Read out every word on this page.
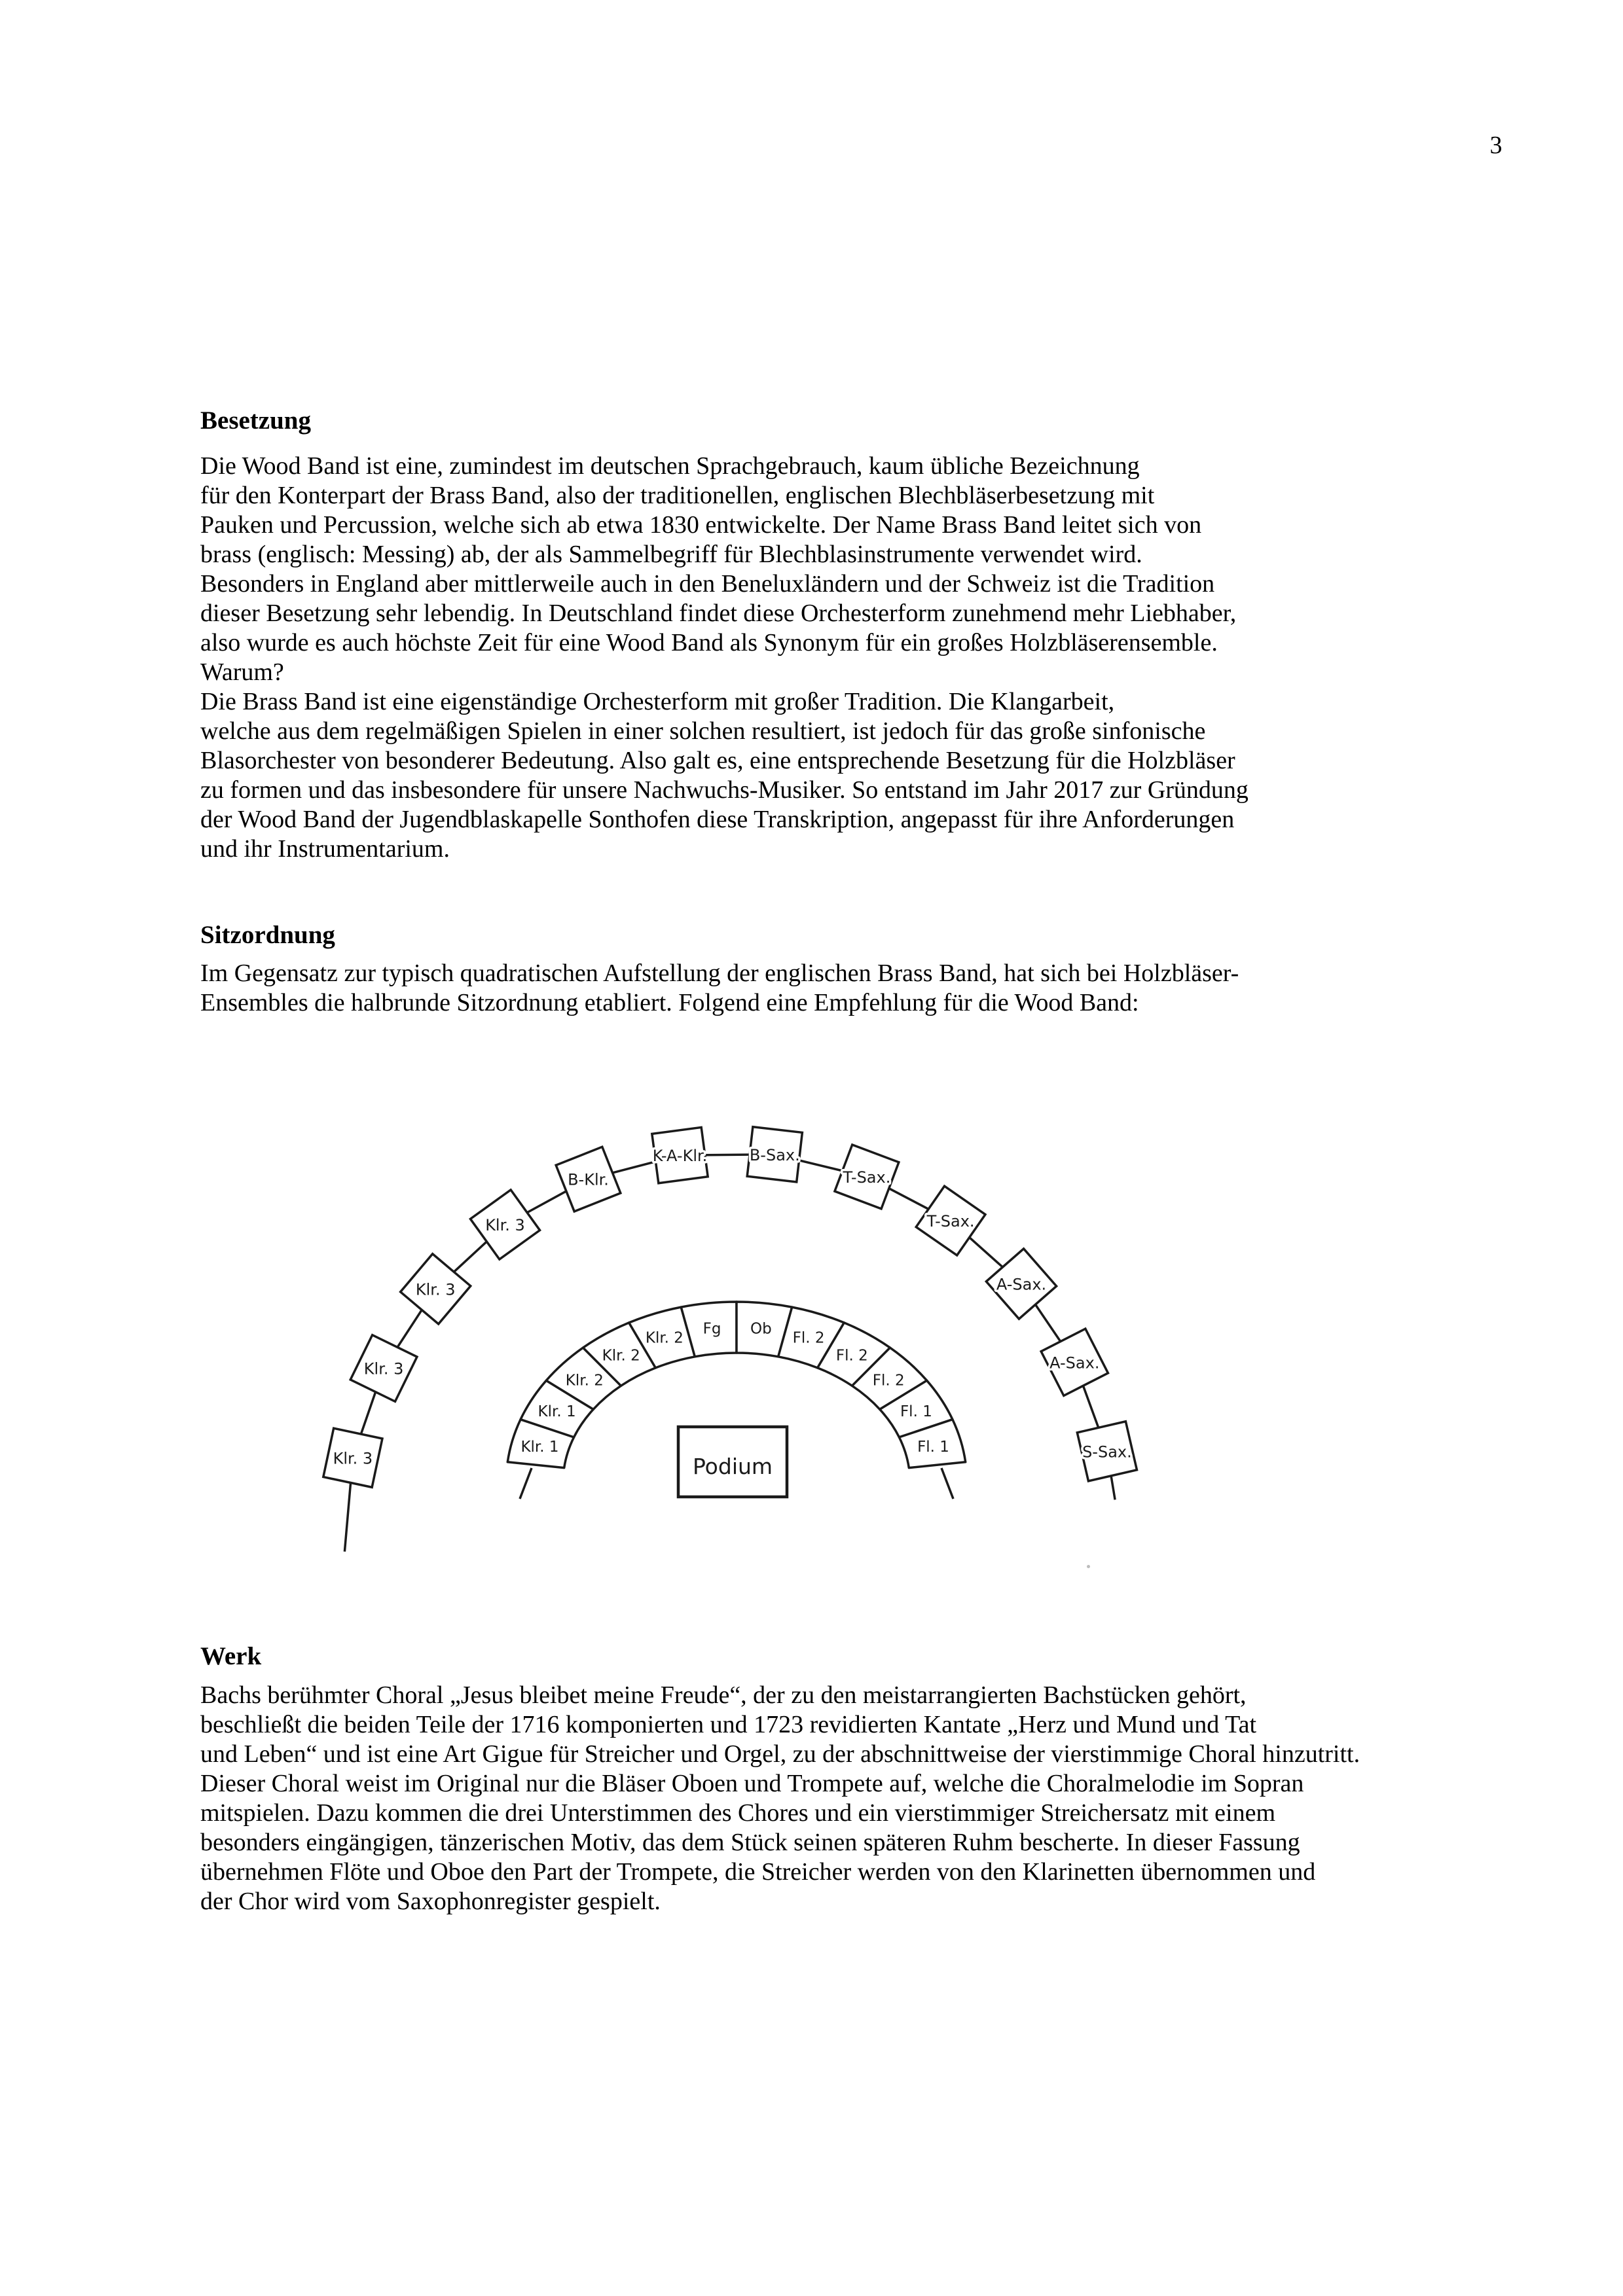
3
Besetzung
Die Wood Band ist eine, zumindest im deutschen Sprachgebrauch, kaum übliche Bezeichnung
für den Konterpart der Brass Band, also der traditionellen, englischen Blechbläserbesetzung mit
Pauken und Percussion, welche sich ab etwa 1830 entwickelte. Der Name Brass Band leitet sich von
brass (englisch: Messing) ab, der als Sammelbegriff für Blechblasinstrumente verwendet wird.
Besonders in England aber mittlerweile auch in den Beneluxländern und der Schweiz ist die Tradition
dieser Besetzung sehr lebendig. In Deutschland findet diese Orchesterform zunehmend mehr Liebhaber,
also wurde es auch höchste Zeit für eine Wood Band als Synonym für ein großes Holzbläserensemble.
Warum?
Die Brass Band ist eine eigenständige Orchesterform mit großer Tradition. Die Klangarbeit,
welche aus dem regelmäßigen Spielen in einer solchen resultiert, ist jedoch für das große sinfonische
Blasorchester von besonderer Bedeutung. Also galt es, eine entsprechende Besetzung für die Holzbläser
zu formen und das insbesondere für unsere Nachwuchs-Musiker. So entstand im Jahr 2017 zur Gründung
der Wood Band der Jugendblaskapelle Sonthofen diese Transkription, angepasst für ihre Anforderungen
und ihr Instrumentarium.
Sitzordnung
Im Gegensatz zur typisch quadratischen Aufstellung der englischen Brass Band, hat sich bei Holzbläser-
Ensembles die halbrunde Sitzordnung etabliert. Folgend eine Empfehlung für die Wood Band:
Podium
Klr. 3
Klr. 3
Klr. 3
Klr. 3
B-Klr.
K-A-Klr.	B-Sax.
T-Sax.
T-Sax.
A-Sax.
A-Sax.
S-Sax.
Klr. 1
Klr. 1
Klr. 2
Klr. 2
Klr. 2
Fg Ob
Fl. 2
Fl. 2
Fl. 2
Fl. 1
Fl. 1
Werk
Bachs berühmter Choral „Jesus bleibet meine Freude“, der zu den meistarrangierten Bachstücken gehört,
beschließt die beiden Teile der 1716 komponierten und 1723 revidierten Kantate „Herz und Mund und Tat
und Leben“ und ist eine Art Gigue für Streicher und Orgel, zu der abschnittweise der vierstimmige Choral hinzutritt.
Dieser Choral weist im Original nur die Bläser Oboen und Trompete auf, welche die Choralmelodie im Sopran
mitspielen. Dazu kommen die drei Unterstimmen des Chores und ein vierstimmiger Streichersatz mit einem
besonders eingängigen, tänzerischen Motiv, das dem Stück seinen späteren Ruhm bescherte. In dieser Fassung
übernehmen Flöte und Oboe den Part der Trompete, die Streicher werden von den Klarinetten übernommen und
der Chor wird vom Saxophonregister gespielt.
